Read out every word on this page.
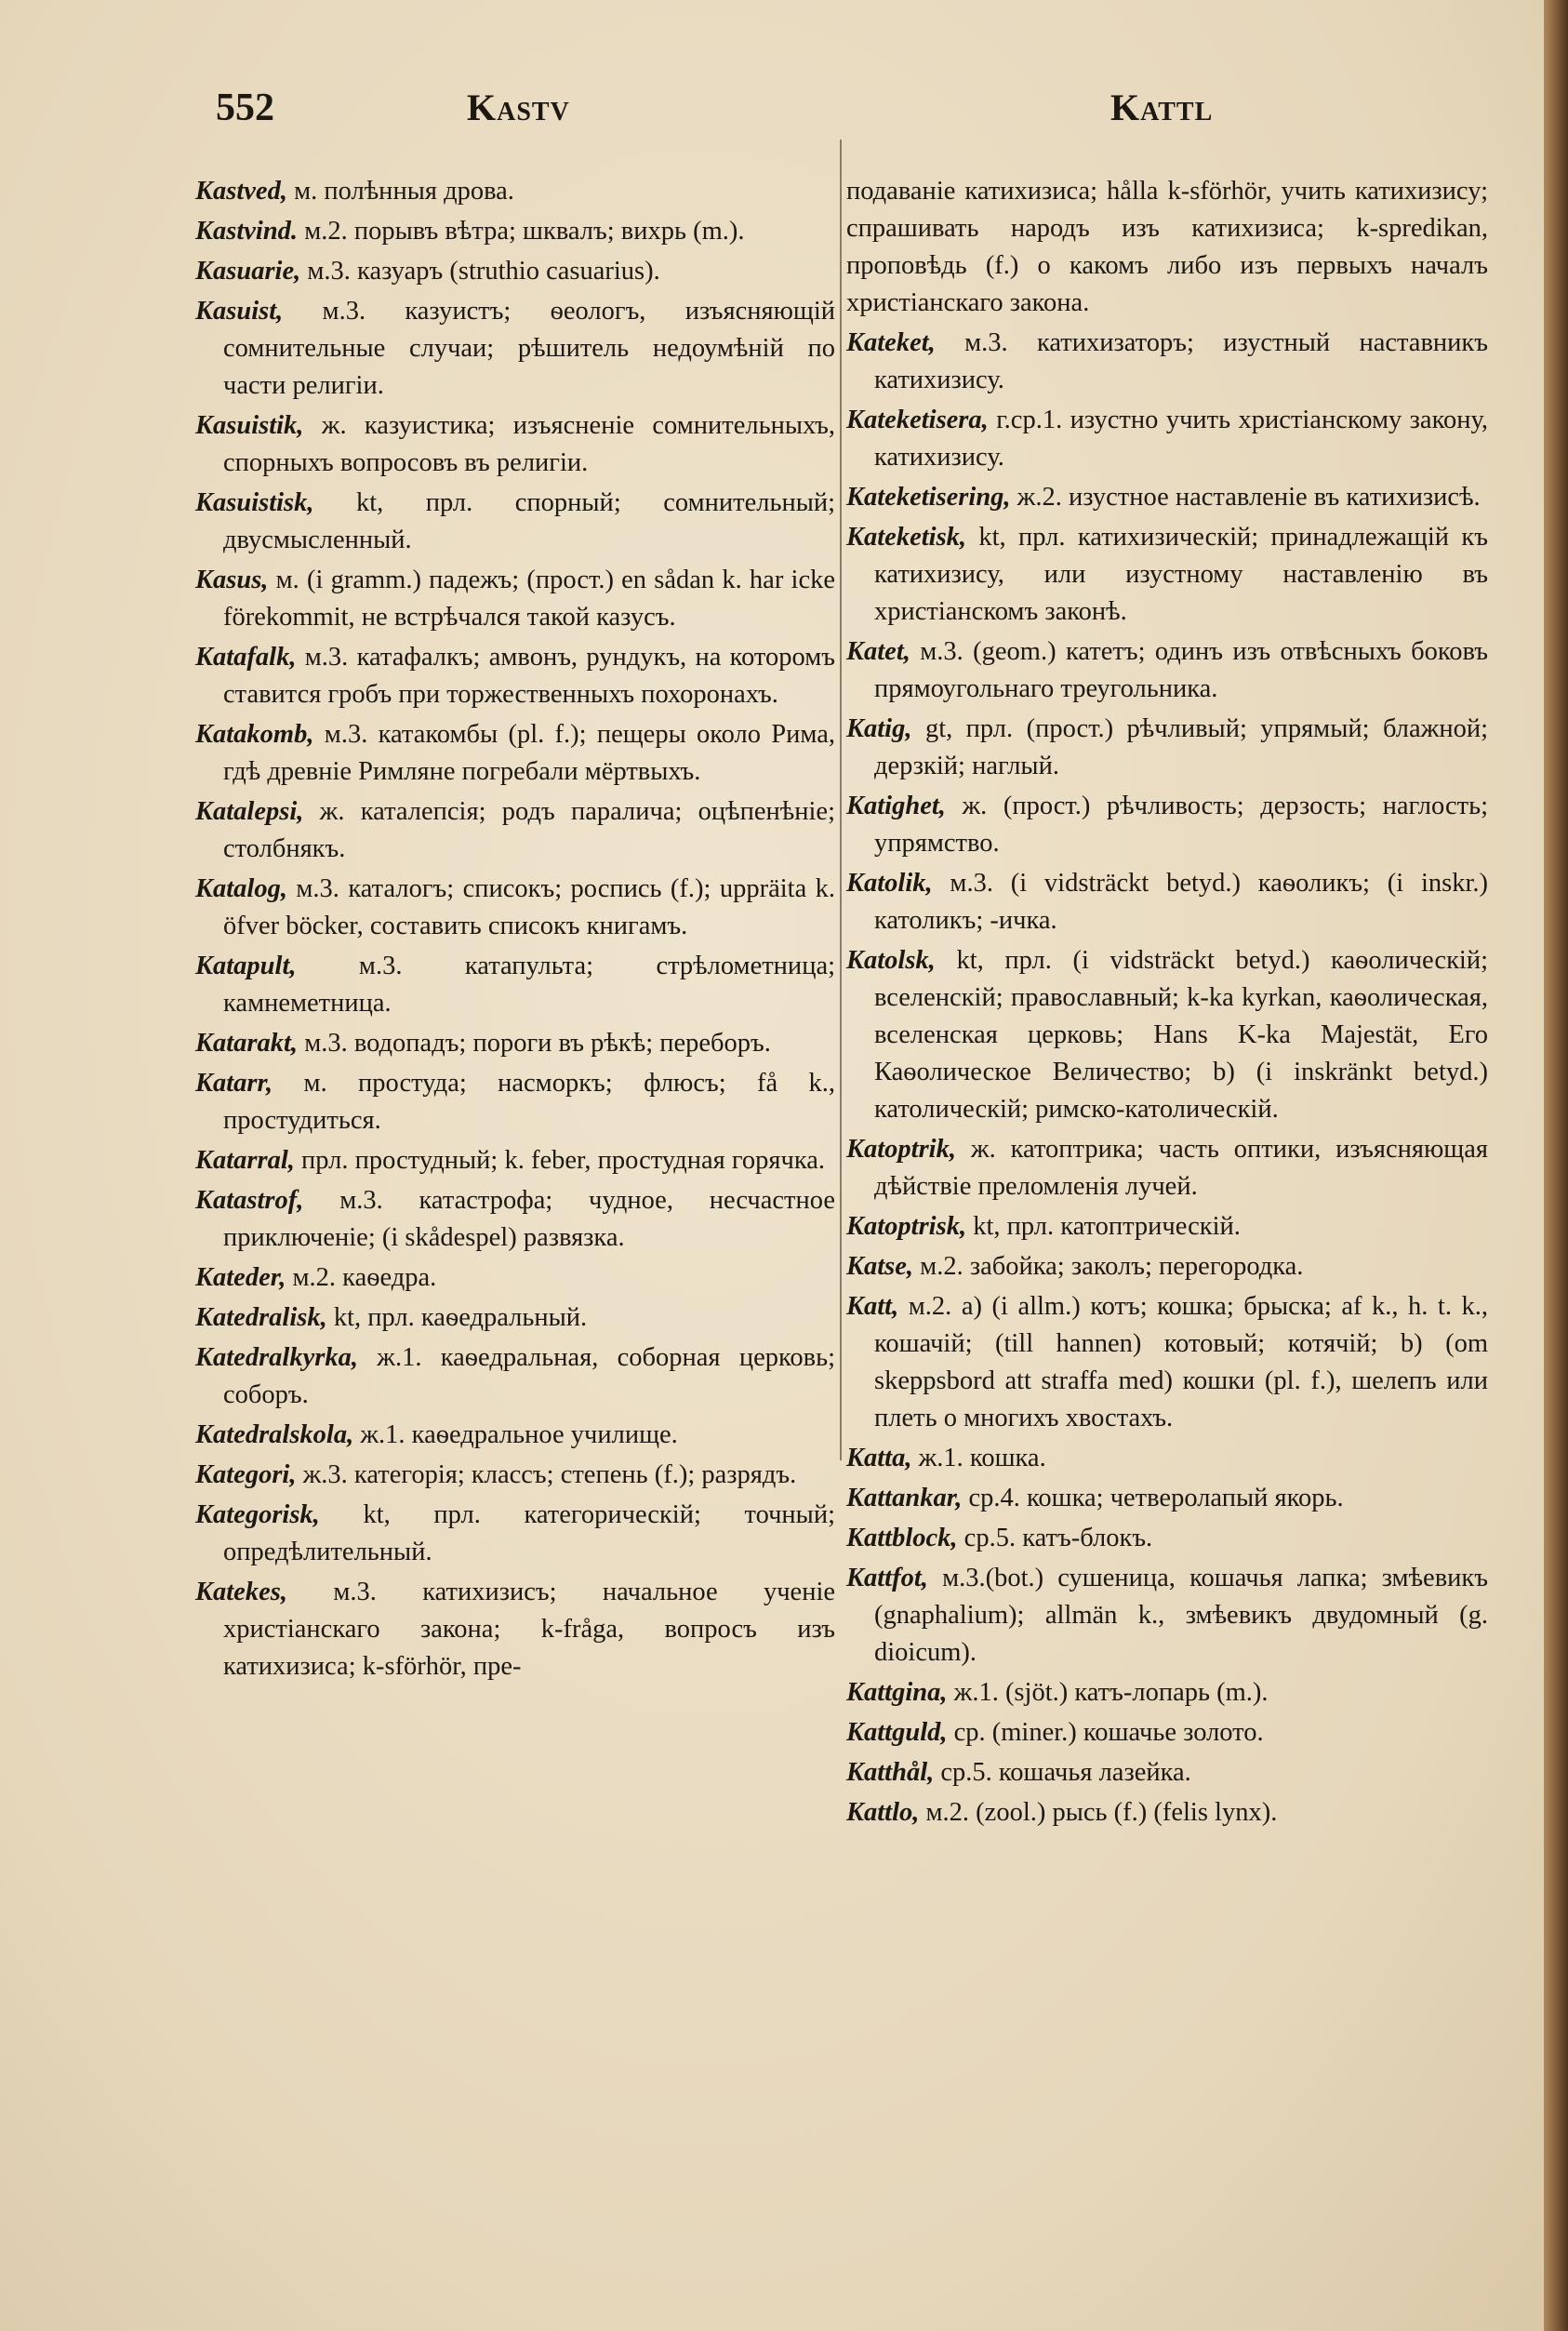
552	Kastv	Kattl
Kastved, м. полѣнныя дрова.
Kastvind. м.2. порывъ вѣтра; шквалъ; вихрь (m.).
Kasuarie, м.3. казуаръ (struthio casuarius).
Kasuist, м.3. казуистъ; ѳеологъ, изъясняющій сомнительные случаи; рѣшитель недоумѣній по части религіи.
Kasuistik, ж. казуистика; изъясненіе сомнительныхъ, спорныхъ вопросовъ въ религіи.
Kasuistisk, kt, прл. спорный; сомнительный; двусмысленный.
Kasus, м. (i gramm.) падежъ; (прост.) en sådan k. har icke förekommit, не встрѣчался такой казусъ.
Katafalk, м.3. катафалкъ; амвонъ, рундукъ, на которомъ ставится гробъ при торжественныхъ похоронахъ.
Katakomb, м.3. катакомбы (pl. f.); пещеры около Рима, гдѣ древніе Римляне погребали мёртвыхъ.
Katalepsi, ж. каталепсія; родъ паралича; оцѣпенѣніе; столбнякъ.
Katalog, м.3. каталогъ; списокъ; роспись (f.); uppräita k. öfver böcker, составить списокъ книгамъ.
Katapult, м.3. катапульта; стрѣлометница; камнеметница.
Katarakt, м.3. водопадъ; пороги въ рѣкѣ; переборъ.
Katarr, м. простуда; насморкъ; флюсъ; få k., простудиться.
Katarral, прл. простудный; k. feber, простудная горячка.
Katastrof, м.3. катастрофа; чудное, несчастное приключеніе; (i skådespel) развязка.
Kateder, м.2. каѳедра.
Katedralisk, kt, прл. каѳедральный.
Katedralkyrka, ж.1. каѳедральная, соборная церковь; соборъ.
Katedralskola, ж.1. каѳедральное училище.
Kategori, ж.3. категорія; классъ; степень (f.); разрядъ.
Kategorisk, kt, прл. категорическій; точный; опредѣлительный.
Katekes, м.3. катихизисъ; начальное ученіе христіанскаго закона; k-fråga, вопросъ изъ катихизиса; k-sförhör, пре-
подаваніе катихизиса; hålla k-sförhör, учить катихизису; спрашивать народъ изъ катихизиса; k-spredikan, проповѣдь (f.) о какомъ либо изъ первыхъ началъ христіанскаго закона.
Kateket, м.3. катихизаторъ; изустный наставникъ катихизису.
Kateketisera, г.ср.1. изустно учить христіанскому закону, катихизису.
Kateketisering, ж.2. изустное наставленіе въ катихизисѣ.
Kateketisk, kt, прл. катихизическій; принадлежащій къ катихизису, или изустному наставленію въ христіанскомъ законѣ.
Katet, м.3. (geom.) катетъ; одинъ изъ отвѣсныхъ боковъ прямоугольнаго треугольника.
Katig, gt, прл. (прост.) рѣчливый; упрямый; блажной; дерзкій; наглый.
Katighet, ж. (прост.) рѣчливость; дерзость; наглость; упрямство.
Katolik, м.3. (i vidsträckt betyd.) каѳоликъ; (i inskr.) католикъ; -ичка.
Katolsk, kt, прл. (i vidsträckt betyd.) каѳолическій; вселенскій; православный; k-ka kyrkan, каѳолическая, вселенская церковь; Hans K-ka Majestät, Его Каѳолическое Величество; b) (i inskränkt betyd.) католическій; римско-католическій.
Katoptrik, ж. катоптрика; часть оптики, изъясняющая дѣйствіе преломленія лучей.
Katoptrisk, kt, прл. катоптрическій.
Katse, м.2. забойка; заколъ; перегородка.
Katt, м.2. a) (i allm.) котъ; кошка; брыска; af k., h. t. k., кошачій; (till hannen) котовый; котячій; b) (om skeppsbord att straffa med) кошки (pl. f.), шелепъ или плеть о многихъ хвостахъ.
Katta, ж.1. кошка.
Kattankar, ср.4. кошка; четверолапый якорь.
Kattblock, ср.5. катъ-блокъ.
Kattfot, м.3.(bot.) сушеница, кошачья лапка; змѣевикъ (gnaphalium); allmän k., змѣевикъ двудомный (g. dioicum).
Kattgina, ж.1. (sjöt.) катъ-лопарь (m.).
Kattguld, ср. (miner.) кошачье золото.
Katthål, ср.5. кошачья лазейка.
Kattlo, м.2. (zool.) рысь (f.) (felis lynx).
